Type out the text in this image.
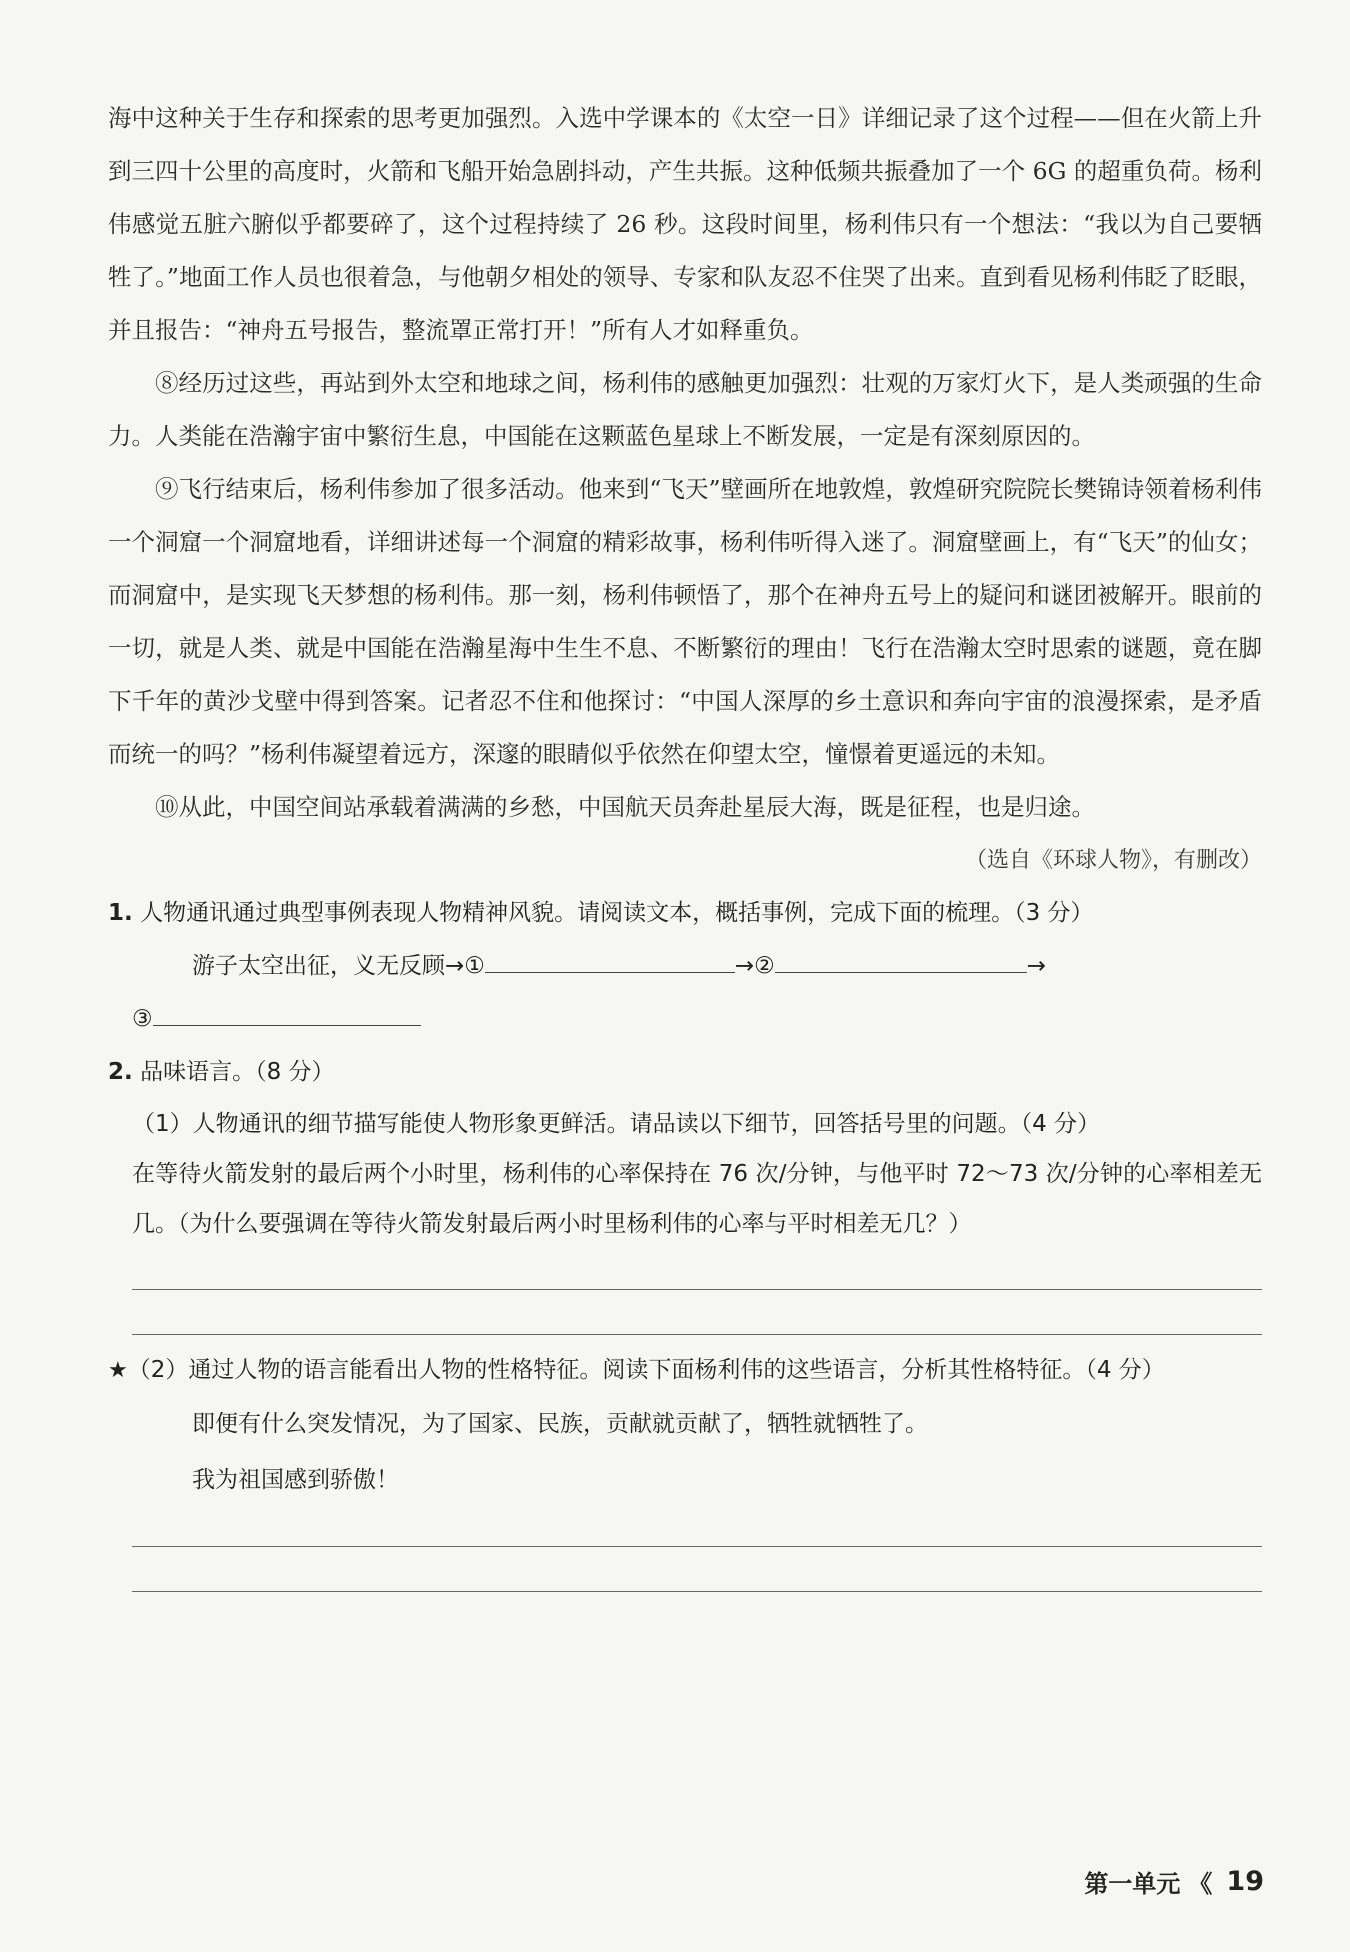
海中这种关于生存和探索的思考更加强烈。入选中学课本的《太空一日》详细记录了这个过程——但在火箭上升到三四十公里的高度时，火箭和飞船开始急剧抖动，产生共振。这种低频共振叠加了一个 6G 的超重负荷。杨利伟感觉五脏六腑似乎都要碎了，这个过程持续了 26 秒。这段时间里，杨利伟只有一个想法：“我以为自己要牺牲了。”地面工作人员也很着急，与他朝夕相处的领导、专家和队友忍不住哭了出来。直到看见杨利伟眨了眨眼，并且报告：“神舟五号报告，整流罩正常打开！”所有人才如释重负。

⑧经历过这些，再站到外太空和地球之间，杨利伟的感触更加强烈：壮观的万家灯火下，是人类顽强的生命力。人类能在浩瀚宇宙中繁衍生息，中国能在这颗蓝色星球上不断发展，一定是有深刻原因的。

⑨飞行结束后，杨利伟参加了很多活动。他来到“飞天”壁画所在地敦煌，敦煌研究院院长樊锦诗领着杨利伟一个洞窟一个洞窟地看，详细讲述每一个洞窟的精彩故事，杨利伟听得入迷了。洞窟壁画上，有“飞天”的仙女；而洞窟中，是实现飞天梦想的杨利伟。那一刻，杨利伟顿悟了，那个在神舟五号上的疑问和谜团被解开。眼前的一切，就是人类、就是中国能在浩瀚星海中生生不息、不断繁衍的理由！飞行在浩瀚太空时思索的谜题，竟在脚下千年的黄沙戈壁中得到答案。记者忍不住和他探讨：“中国人深厚的乡土意识和奔向宇宙的浪漫探索，是矛盾而统一的吗？”杨利伟凝望着远方，深邃的眼睛似乎依然在仰望太空，憧憬着更遥远的未知。

⑩从此，中国空间站承载着满满的乡愁，中国航天员奔赴星辰大海，既是征程，也是归途。

（选自《环球人物》，有删改）

1. 人物通讯通过典型事例表现人物精神风貌。请阅读文本，概括事例，完成下面的梳理。（3 分）

游子太空出征，义无反顾→①	→②	→
③

2. 品味语言。（8 分）

（1）人物通讯的细节描写能使人物形象更鲜活。请品读以下细节，回答括号里的问题。（4 分）

在等待火箭发射的最后两个小时里，杨利伟的心率保持在 76 次/分钟，与他平时 72～73 次/分钟的心率相差无几。（为什么要强调在等待火箭发射最后两小时里杨利伟的心率与平时相差无几？）

★（2）通过人物的语言能看出人物的性格特征。阅读下面杨利伟的这些语言，分析其性格特征。（4 分）

即便有什么突发情况，为了国家、民族，贡献就贡献了，牺牲就牺牲了。

我为祖国感到骄傲！

第一单元 《 19
